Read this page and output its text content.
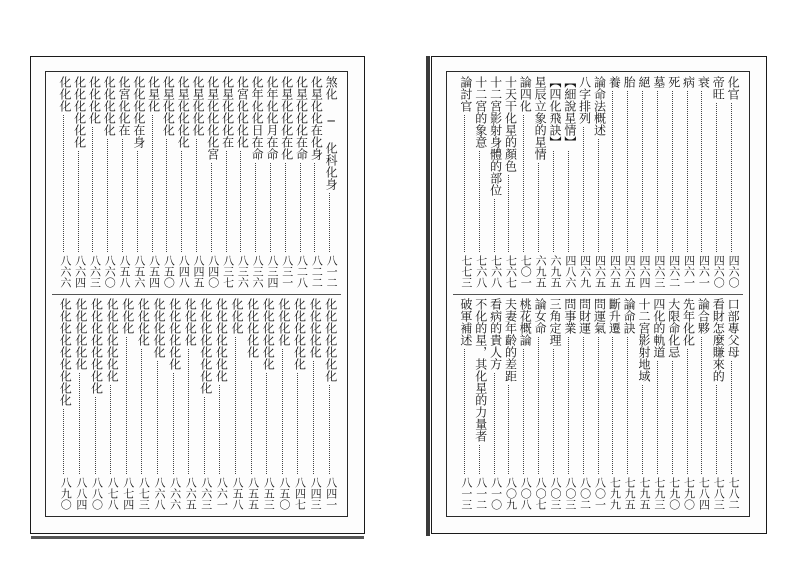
煞化 ─ 化科化身
八一二
化星化化在化身
八二二
化星化化化在命
八二八
化星化化化在化
八三一
化年化化月在命
八三四
化年化化日在命
八三六
化宮化化化化
八三六
化星化化化在
八三七
化星化化化化宮
八四〇
化星化化化
八四五
化星化化化化
八四八
化星化化化
八五〇
化星化
八五四
化化化化在身
八五六
化宮化化在
八五八
化化化化化
八六〇
化化化化
八六三
化化化化化化
八六四
化化化
八六六
化化化化化化化
八四一
化化化化化
八四三
化化化化化化
八四七
化化化化
八五〇
化化化化化化
八五三
化化化化化
八五五
化化化
八五八
化化化化化化化
八六一
化化化化化化化化
八六三
化化化化
八六五
化化化化化化
八六六
化化化化化
八六八
化化化化
八七三
化化化
八七四
化化化化化化化
八七八
化化化化化化化化
八八〇
化化化化化化
八八四
化化化化化化化化化
八九〇
化官
四六〇
帝旺
四六〇
衰
四六一
病
四六一
死
四六二
墓
四六三
絕
四六四
胎
四六五
養
四六五
論命法概述
四六五
八字排列
四六九
【細說星情】
四八六
【四化飛訣】
六九五
星辰立象的星情
六九五
論四化
七〇一
十天干化星的顏色
七六七
十二宮影射身體的部位
七六八
十二宮的象意
七六八
論討官
七七三
口部專父母
七八二
看財怎麼賺來的
七八三
論合夥
七八四
先年化化
七九〇
大限命化忌
七九〇
四化的軌道
七九三
十二宮影射地域
七九五
論命訣
七九五
斷升遷
七九九
問運氣
八〇一
問財運
八〇二
問事業
八〇三
三角定理
八〇三
論女命
八〇七
桃花概論
八〇八
夫妻年齡的差距
八〇九
看病的貴人方
八一〇
不化的星，其化星的力量者
八一二
破軍補述
八一三
